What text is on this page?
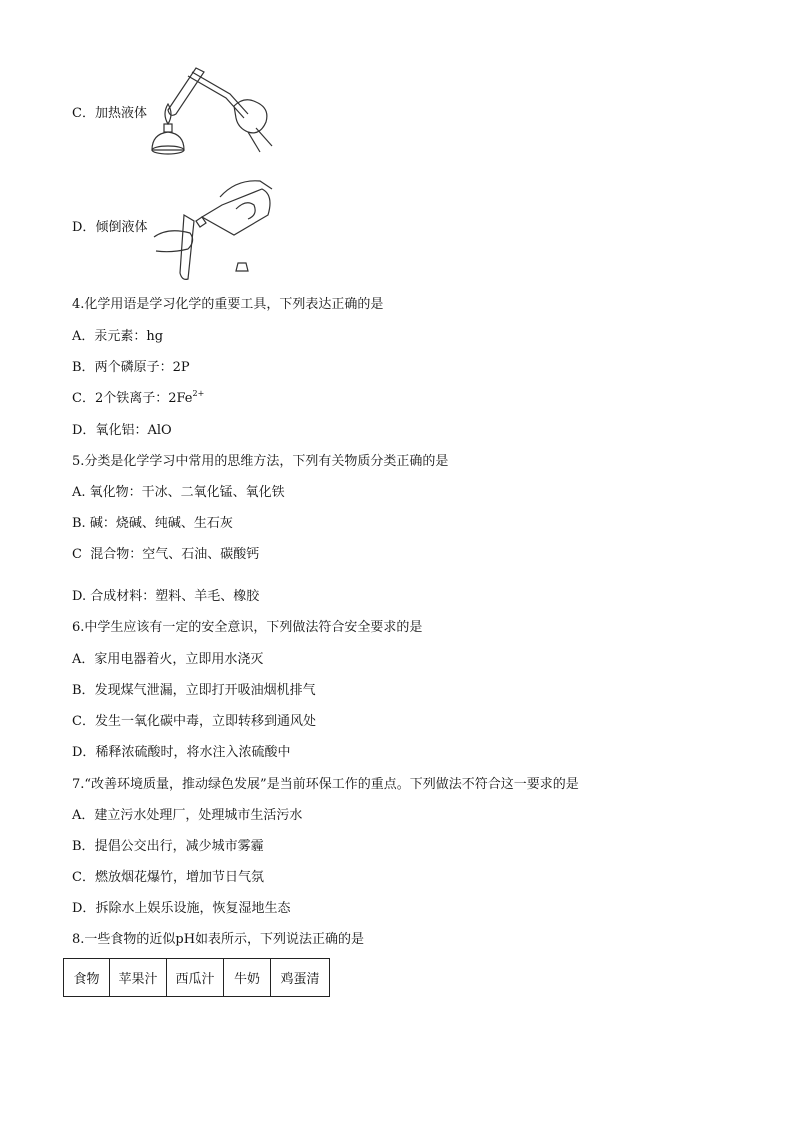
C．加热液体
D．倾倒液体
4.化学用语是学习化学的重要工具，下列表达正确的是
A．汞元素：hg
B．两个磷原子：2P
C．2个铁离子：$2Fe^{2+}$
D．氧化铝：AlO
5.分类是化学学习中常用的思维方法，下列有关物质分类正确的是
A. 氧化物：干冰、二氧化锰、氧化铁
B. 碱：烧碱、纯碱、生石灰
C 混合物：空气、石油、碳酸钙
D. 合成材料：塑料、羊毛、橡胶
6.中学生应该有一定的安全意识，下列做法符合安全要求的是
A．家用电器着火，立即用水浇灭
B．发现煤气泄漏，立即打开吸油烟机排气
C．发生一氧化碳中毒，立即转移到通风处
D．稀释浓硫酸时，将水注入浓硫酸中
7.“改善环境质量，推动绿色发展”是当前环保工作的重点。下列做法不符合这一要求的是
A．建立污水处理厂，处理城市生活污水
B．提倡公交出行，减少城市雾霾
C．燃放烟花爆竹，增加节日气氛
D．拆除水上娱乐设施，恢复湿地生态
8.一些食物的近似pH如表所示，下列说法正确的是
食物	苹果汁	西瓜汁	牛奶	鸡蛋清
